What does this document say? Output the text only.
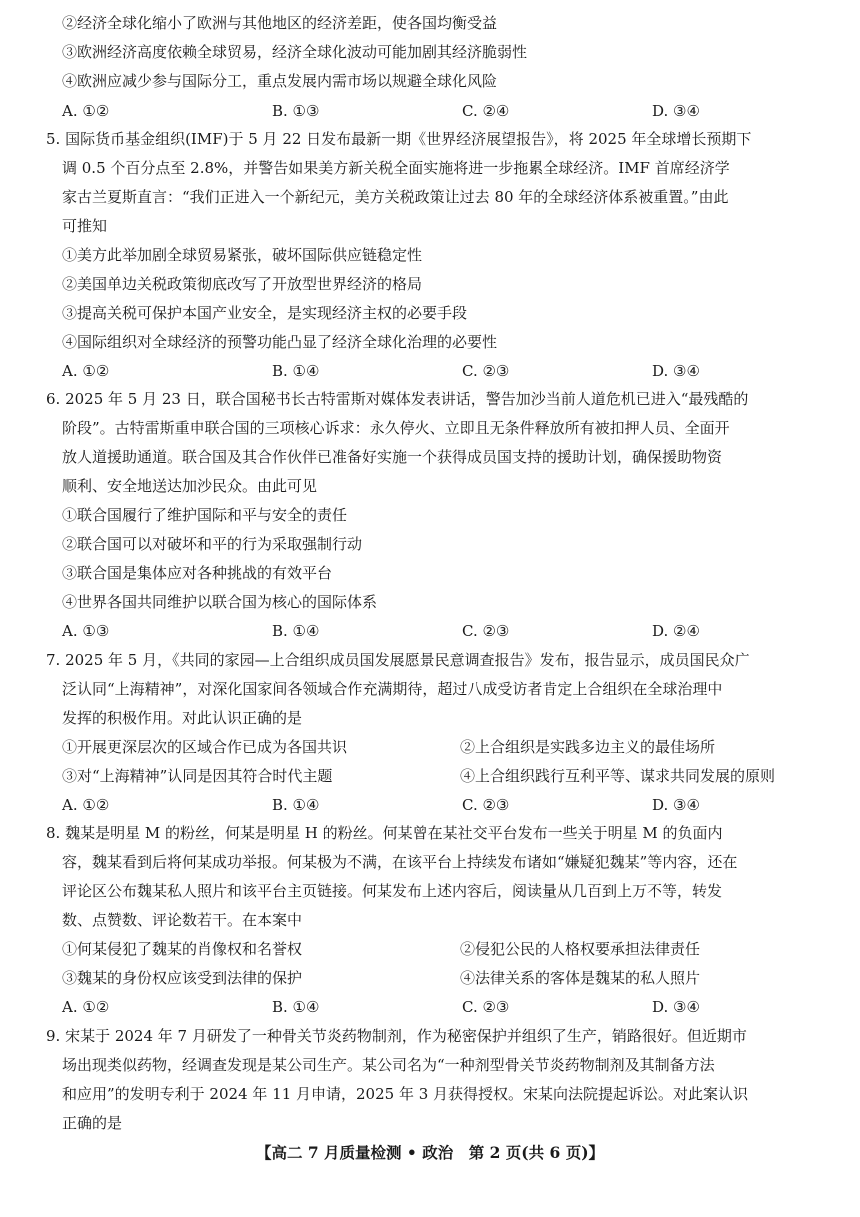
②经济全球化缩小了欧洲与其他地区的经济差距，使各国均衡受益
③欧洲经济高度依赖全球贸易，经济全球化波动可能加剧其经济脆弱性
④欧洲应减少参与国际分工，重点发展内需市场以规避全球化风险
A. ①②	B. ①③	C. ②④	D. ③④
5. 国际货币基金组织(IMF)于 5 月 22 日发布最新一期《世界经济展望报告》，将 2025 年全球增长预期下
调 0.5 个百分点至 2.8%，并警告如果美方新关税全面实施将进一步拖累全球经济。IMF 首席经济学
家古兰夏斯直言：“我们正进入一个新纪元，美方关税政策让过去 80 年的全球经济体系被重置。”由此
可推知
①美方此举加剧全球贸易紧张，破坏国际供应链稳定性
②美国单边关税政策彻底改写了开放型世界经济的格局
③提高关税可保护本国产业安全，是实现经济主权的必要手段
④国际组织对全球经济的预警功能凸显了经济全球化治理的必要性
A. ①②	B. ①④	C. ②③	D. ③④
6. 2025 年 5 月 23 日，联合国秘书长古特雷斯对媒体发表讲话，警告加沙当前人道危机已进入“最残酷的
阶段”。古特雷斯重申联合国的三项核心诉求：永久停火、立即且无条件释放所有被扣押人员、全面开
放人道援助通道。联合国及其合作伙伴已准备好实施一个获得成员国支持的援助计划，确保援助物资
顺利、安全地送达加沙民众。由此可见
①联合国履行了维护国际和平与安全的责任
②联合国可以对破坏和平的行为采取强制行动
③联合国是集体应对各种挑战的有效平台
④世界各国共同维护以联合国为核心的国际体系
A. ①③	B. ①④	C. ②③	D. ②④
7. 2025 年 5 月，《共同的家园—上合组织成员国发展愿景民意调查报告》发布，报告显示，成员国民众广
泛认同“上海精神”，对深化国家间各领域合作充满期待，超过八成受访者肯定上合组织在全球治理中
发挥的积极作用。对此认识正确的是
①开展更深层次的区域合作已成为各国共识	②上合组织是实践多边主义的最佳场所
③对“上海精神”认同是因其符合时代主题	④上合组织践行互利平等、谋求共同发展的原则
A. ①②	B. ①④	C. ②③	D. ③④
8. 魏某是明星 M 的粉丝，何某是明星 H 的粉丝。何某曾在某社交平台发布一些关于明星 M 的负面内
容，魏某看到后将何某成功举报。何某极为不满，在该平台上持续发布诸如“嫌疑犯魏某”等内容，还在
评论区公布魏某私人照片和该平台主页链接。何某发布上述内容后，阅读量从几百到上万不等，转发
数、点赞数、评论数若干。在本案中
①何某侵犯了魏某的肖像权和名誉权	②侵犯公民的人格权要承担法律责任
③魏某的身份权应该受到法律的保护	④法律关系的客体是魏某的私人照片
A. ①②	B. ①④	C. ②③	D. ③④
9. 宋某于 2024 年 7 月研发了一种骨关节炎药物制剂，作为秘密保护并组织了生产，销路很好。但近期市
场出现类似药物，经调查发现是某公司生产。某公司名为“一种剂型骨关节炎药物制剂及其制备方法
和应用”的发明专利于 2024 年 11 月申请，2025 年 3 月获得授权。宋某向法院提起诉讼。对此案认识
正确的是
【高二 7 月质量检测 • 政治　第 2 页(共 6 页)】
